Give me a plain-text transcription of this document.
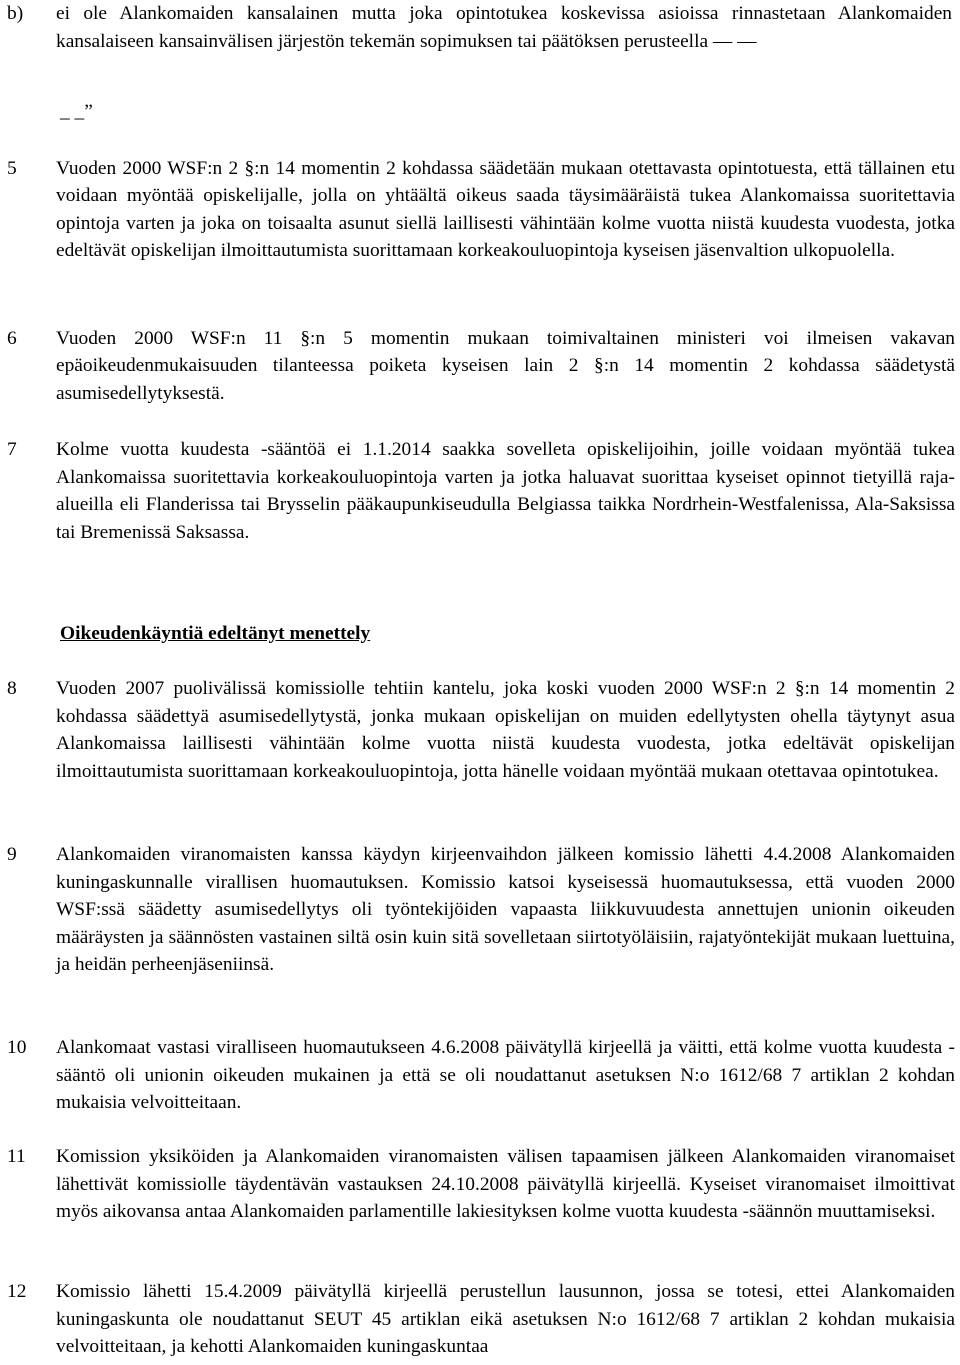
b) ei ole Alankomaiden kansalainen mutta joka opintotukea koskevissa asioissa rinnastetaan Alankomaiden kansalaiseen kansainvälisen järjestön tekemän sopimuksen tai päätöksen perusteella — —
_ _”
5 Vuoden 2000 WSF:n 2 §:n 14 momentin 2 kohdassa säädetään mukaan otettavasta opintotuesta, että tällainen etu voidaan myöntää opiskelijalle, jolla on yhtäältä oikeus saada täysimääräistä tukea Alankomaissa suoritettavia opintoja varten ja joka on toisaalta asunut siellä laillisesti vähintään kolme vuotta niistä kuudesta vuodesta, jotka edeltävät opiskelijan ilmoittautumista suorittamaan korkeakouluopintoja kyseisen jäsenvaltion ulkopuolella.
6 Vuoden 2000 WSF:n 11 §:n 5 momentin mukaan toimivaltainen ministeri voi ilmeisen vakavan epäoikeudenmukaisuuden tilanteessa poiketa kyseisen lain 2 §:n 14 momentin 2 kohdassa säädetystä asumisedellytyksestä.
7 Kolme vuotta kuudesta -sääntöä ei 1.1.2014 saakka sovelleta opiskelijoihin, joille voidaan myöntää tukea Alankomaissa suoritettavia korkeakouluopintoja varten ja jotka haluavat suorittaa kyseiset opinnot tietyillä raja-alueilla eli Flanderissa tai Brysselin pääkaupunkiseudulla Belgiassa taikka Nordrhein-Westfalenissa, Ala-Saksissa tai Bremenissä Saksassa.
Oikeudenkäyntiä edeltänyt menettely
8 Vuoden 2007 puolivälissä komissiolle tehtiin kantelu, joka koski vuoden 2000 WSF:n 2 §:n 14 momentin 2 kohdassa säädettyä asumisedellytystä, jonka mukaan opiskelijan on muiden edellytysten ohella täytynyt asua Alankomaissa laillisesti vähintään kolme vuotta niistä kuudesta vuodesta, jotka edeltävät opiskelijan ilmoittautumista suorittamaan korkeakouluopintoja, jotta hänelle voidaan myöntää mukaan otettavaa opintotukea.
9 Alankomaiden viranomaisten kanssa käydyn kirjeenvaihdon jälkeen komissio lähetti 4.4.2008 Alankomaiden kuningaskunnalle virallisen huomautuksen. Komissio katsoi kyseisessä huomautuksessa, että vuoden 2000 WSF:ssä säädetty asumisedellytys oli työntekijöiden vapaasta liikkuvuudesta annettujen unionin oikeuden määräysten ja säännösten vastainen siltä osin kuin sitä sovelletaan siirtotyöläisiin, rajatyöntekijät mukaan luettuina, ja heidän perheenjäseniinsä.
10 Alankomaat vastasi viralliseen huomautukseen 4.6.2008 päivätyllä kirjeellä ja väitti, että kolme vuotta kuudesta -sääntö oli unionin oikeuden mukainen ja että se oli noudattanut asetuksen N:o 1612/68 7 artiklan 2 kohdan mukaisia velvoitteitaan.
11 Komission yksiköiden ja Alankomaiden viranomaisten välisen tapaamisen jälkeen Alankomaiden viranomaiset lähettivät komissiolle täydentävän vastauksen 24.10.2008 päivätyllä kirjeellä. Kyseiset viranomaiset ilmoittivat myös aikovansa antaa Alankomaiden parlamentille lakiesityksen kolme vuotta kuudesta -säännön muuttamiseksi.
12 Komissio lähetti 15.4.2009 päivätyllä kirjeellä perustellun lausunnon, jossa se totesi, ettei Alankomaiden kuningaskunta ole noudattanut SEUT 45 artiklan eikä asetuksen N:o 1612/68 7 artiklan 2 kohdan mukaisia velvoitteitaan, ja kehotti Alankomaiden kuningaskuntaa
